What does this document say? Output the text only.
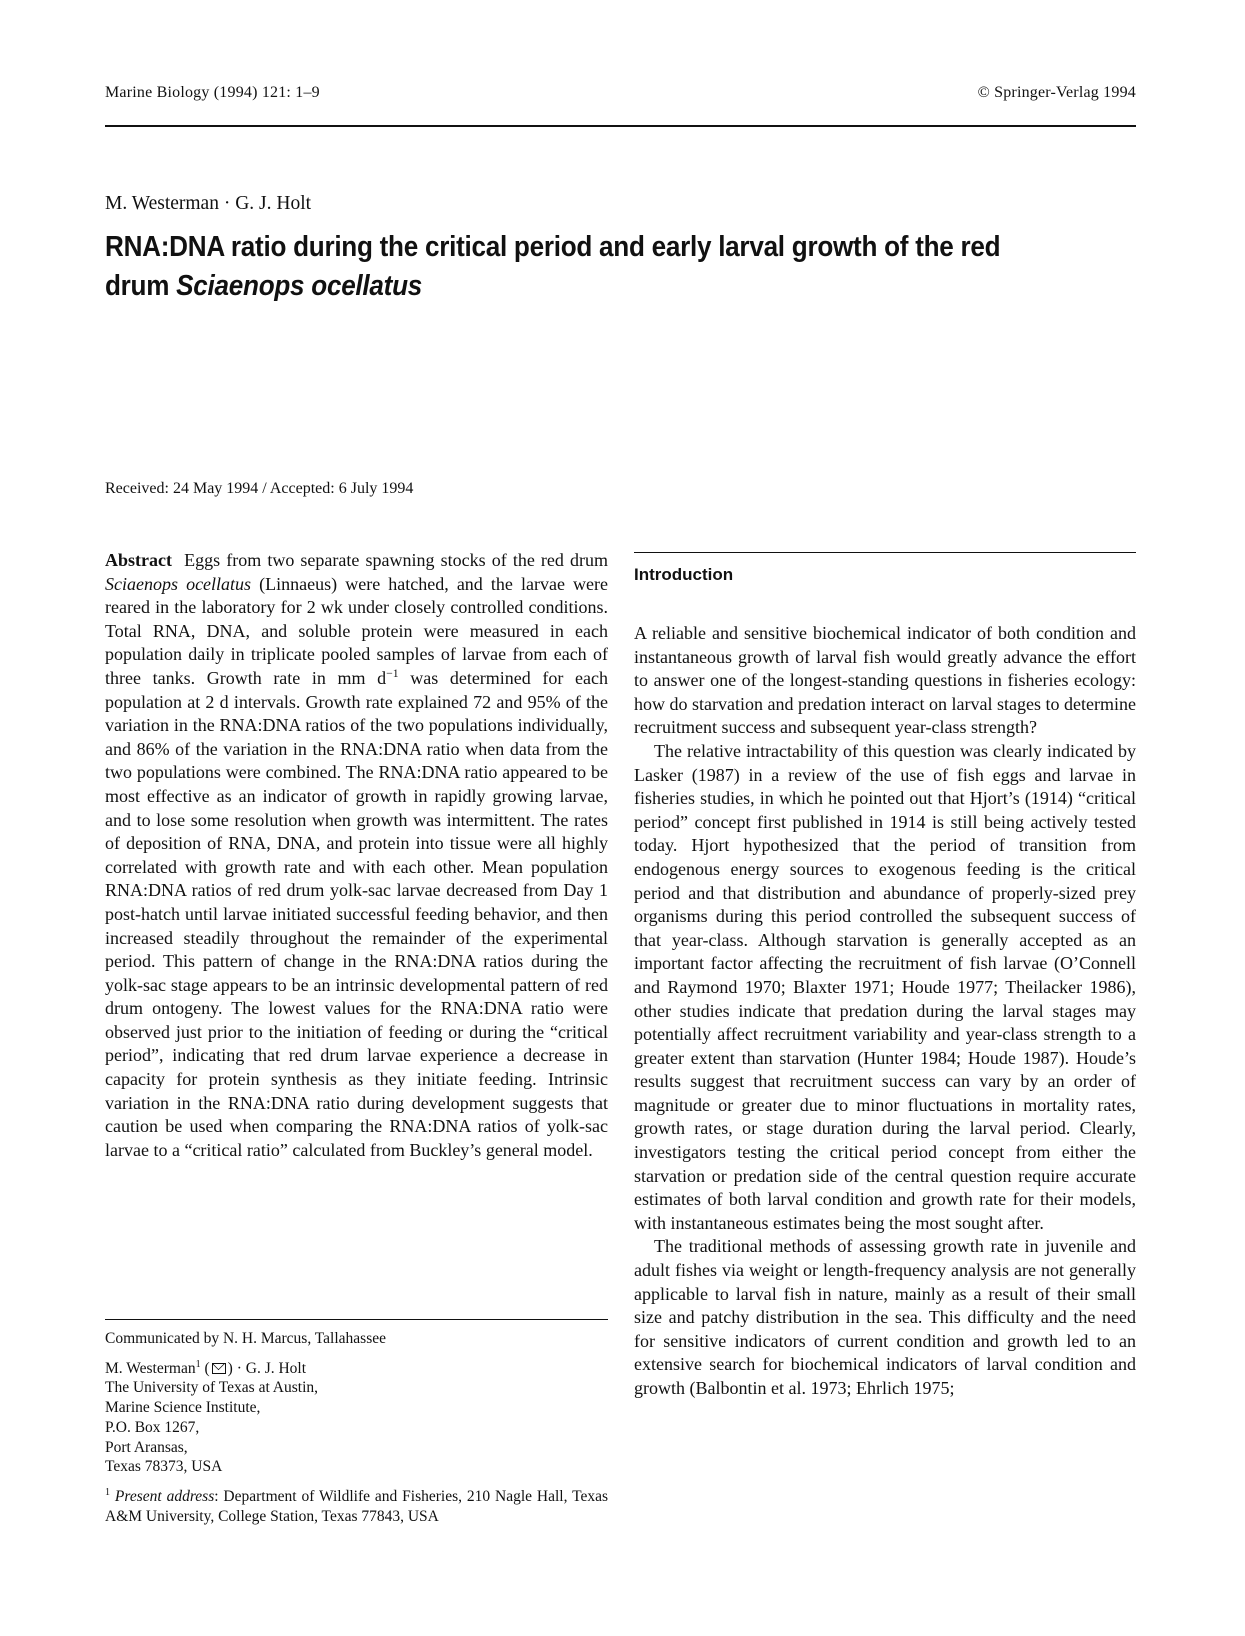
Marine Biology (1994) 121: 1–9	© Springer-Verlag 1994
M. Westerman · G. J. Holt
RNA:DNA ratio during the critical period and early larval growth of the red drum Sciaenops ocellatus
Received: 24 May 1994 / Accepted: 6 July 1994

Abstract Eggs from two separate spawning stocks of the red drum Sciaenops ocellatus (Linnaeus) were hatched, and the larvae were reared in the laboratory for 2 wk under closely controlled conditions. Total RNA, DNA, and soluble protein were measured in each population daily in triplicate pooled samples of larvae from each of three tanks. Growth rate in mm $d^{-1}$ was determined for each population at 2 d intervals. Growth rate explained 72 and 95% of the variation in the RNA:DNA ratios of the two populations individually, and 86% of the variation in the RNA:DNA ratio when data from the two populations were combined. The RNA:DNA ratio appeared to be most effective as an indicator of growth in rapidly growing larvae, and to lose some resolution when growth was intermittent. The rates of deposition of RNA, DNA, and protein into tissue were all highly correlated with growth rate and with each other. Mean population RNA:DNA ratios of red drum yolk-sac larvae decreased from Day 1 post-hatch until larvae initiated successful feeding behavior, and then increased steadily throughout the remainder of the experimental period. This pattern of change in the RNA:DNA ratios during the yolk-sac stage appears to be an intrinsic developmental pattern of red drum ontogeny. The lowest values for the RNA:DNA ratio were observed just prior to the initiation of feeding or during the “critical period”, indicating that red drum larvae experience a decrease in capacity for protein synthesis as they initiate feeding. Intrinsic variation in the RNA:DNA ratio during development suggests that caution be used when comparing the RNA:DNA ratios of yolk-sac larvae to a “critical ratio” calculated from Buckley’s general model.

Communicated by N. H. Marcus, Tallahassee

M. Westerman$^1$ ( ) · G. J. Holt
The University of Texas at Austin,
Marine Science Institute,
P.O. Box 1267,
Port Aransas,
Texas 78373, USA

$^1$ Present address: Department of Wildlife and Fisheries, 210 Nagle Hall, Texas A&M University, College Station, Texas 77843, USA

Introduction

A reliable and sensitive biochemical indicator of both condition and instantaneous growth of larval fish would greatly advance the effort to answer one of the longest-standing questions in fisheries ecology: how do starvation and predation interact on larval stages to determine recruitment success and subsequent year-class strength?

The relative intractability of this question was clearly indicated by Lasker (1987) in a review of the use of fish eggs and larvae in fisheries studies, in which he pointed out that Hjort’s (1914) “critical period” concept first published in 1914 is still being actively tested today. Hjort hypothesized that the period of transition from endogenous energy sources to exogenous feeding is the critical period and that distribution and abundance of properly-sized prey organisms during this period controlled the subsequent success of that year-class. Although starvation is generally accepted as an important factor affecting the recruitment of fish larvae (O’Connell and Raymond 1970; Blaxter 1971; Houde 1977; Theilacker 1986), other studies indicate that predation during the larval stages may potentially affect recruitment variability and year-class strength to a greater extent than starvation (Hunter 1984; Houde 1987). Houde’s results suggest that recruitment success can vary by an order of magnitude or greater due to minor fluctuations in mortality rates, growth rates, or stage duration during the larval period. Clearly, investigators testing the critical period concept from either the starvation or predation side of the central question require accurate estimates of both larval condition and growth rate for their models, with instantaneous estimates being the most sought after.

The traditional methods of assessing growth rate in juvenile and adult fishes via weight or length-frequency analysis are not generally applicable to larval fish in nature, mainly as a result of their small size and patchy distribution in the sea. This difficulty and the need for sensitive indicators of current condition and growth led to an extensive search for biochemical indicators of larval condition and growth (Balbontin et al. 1973; Ehrlich 1975;
